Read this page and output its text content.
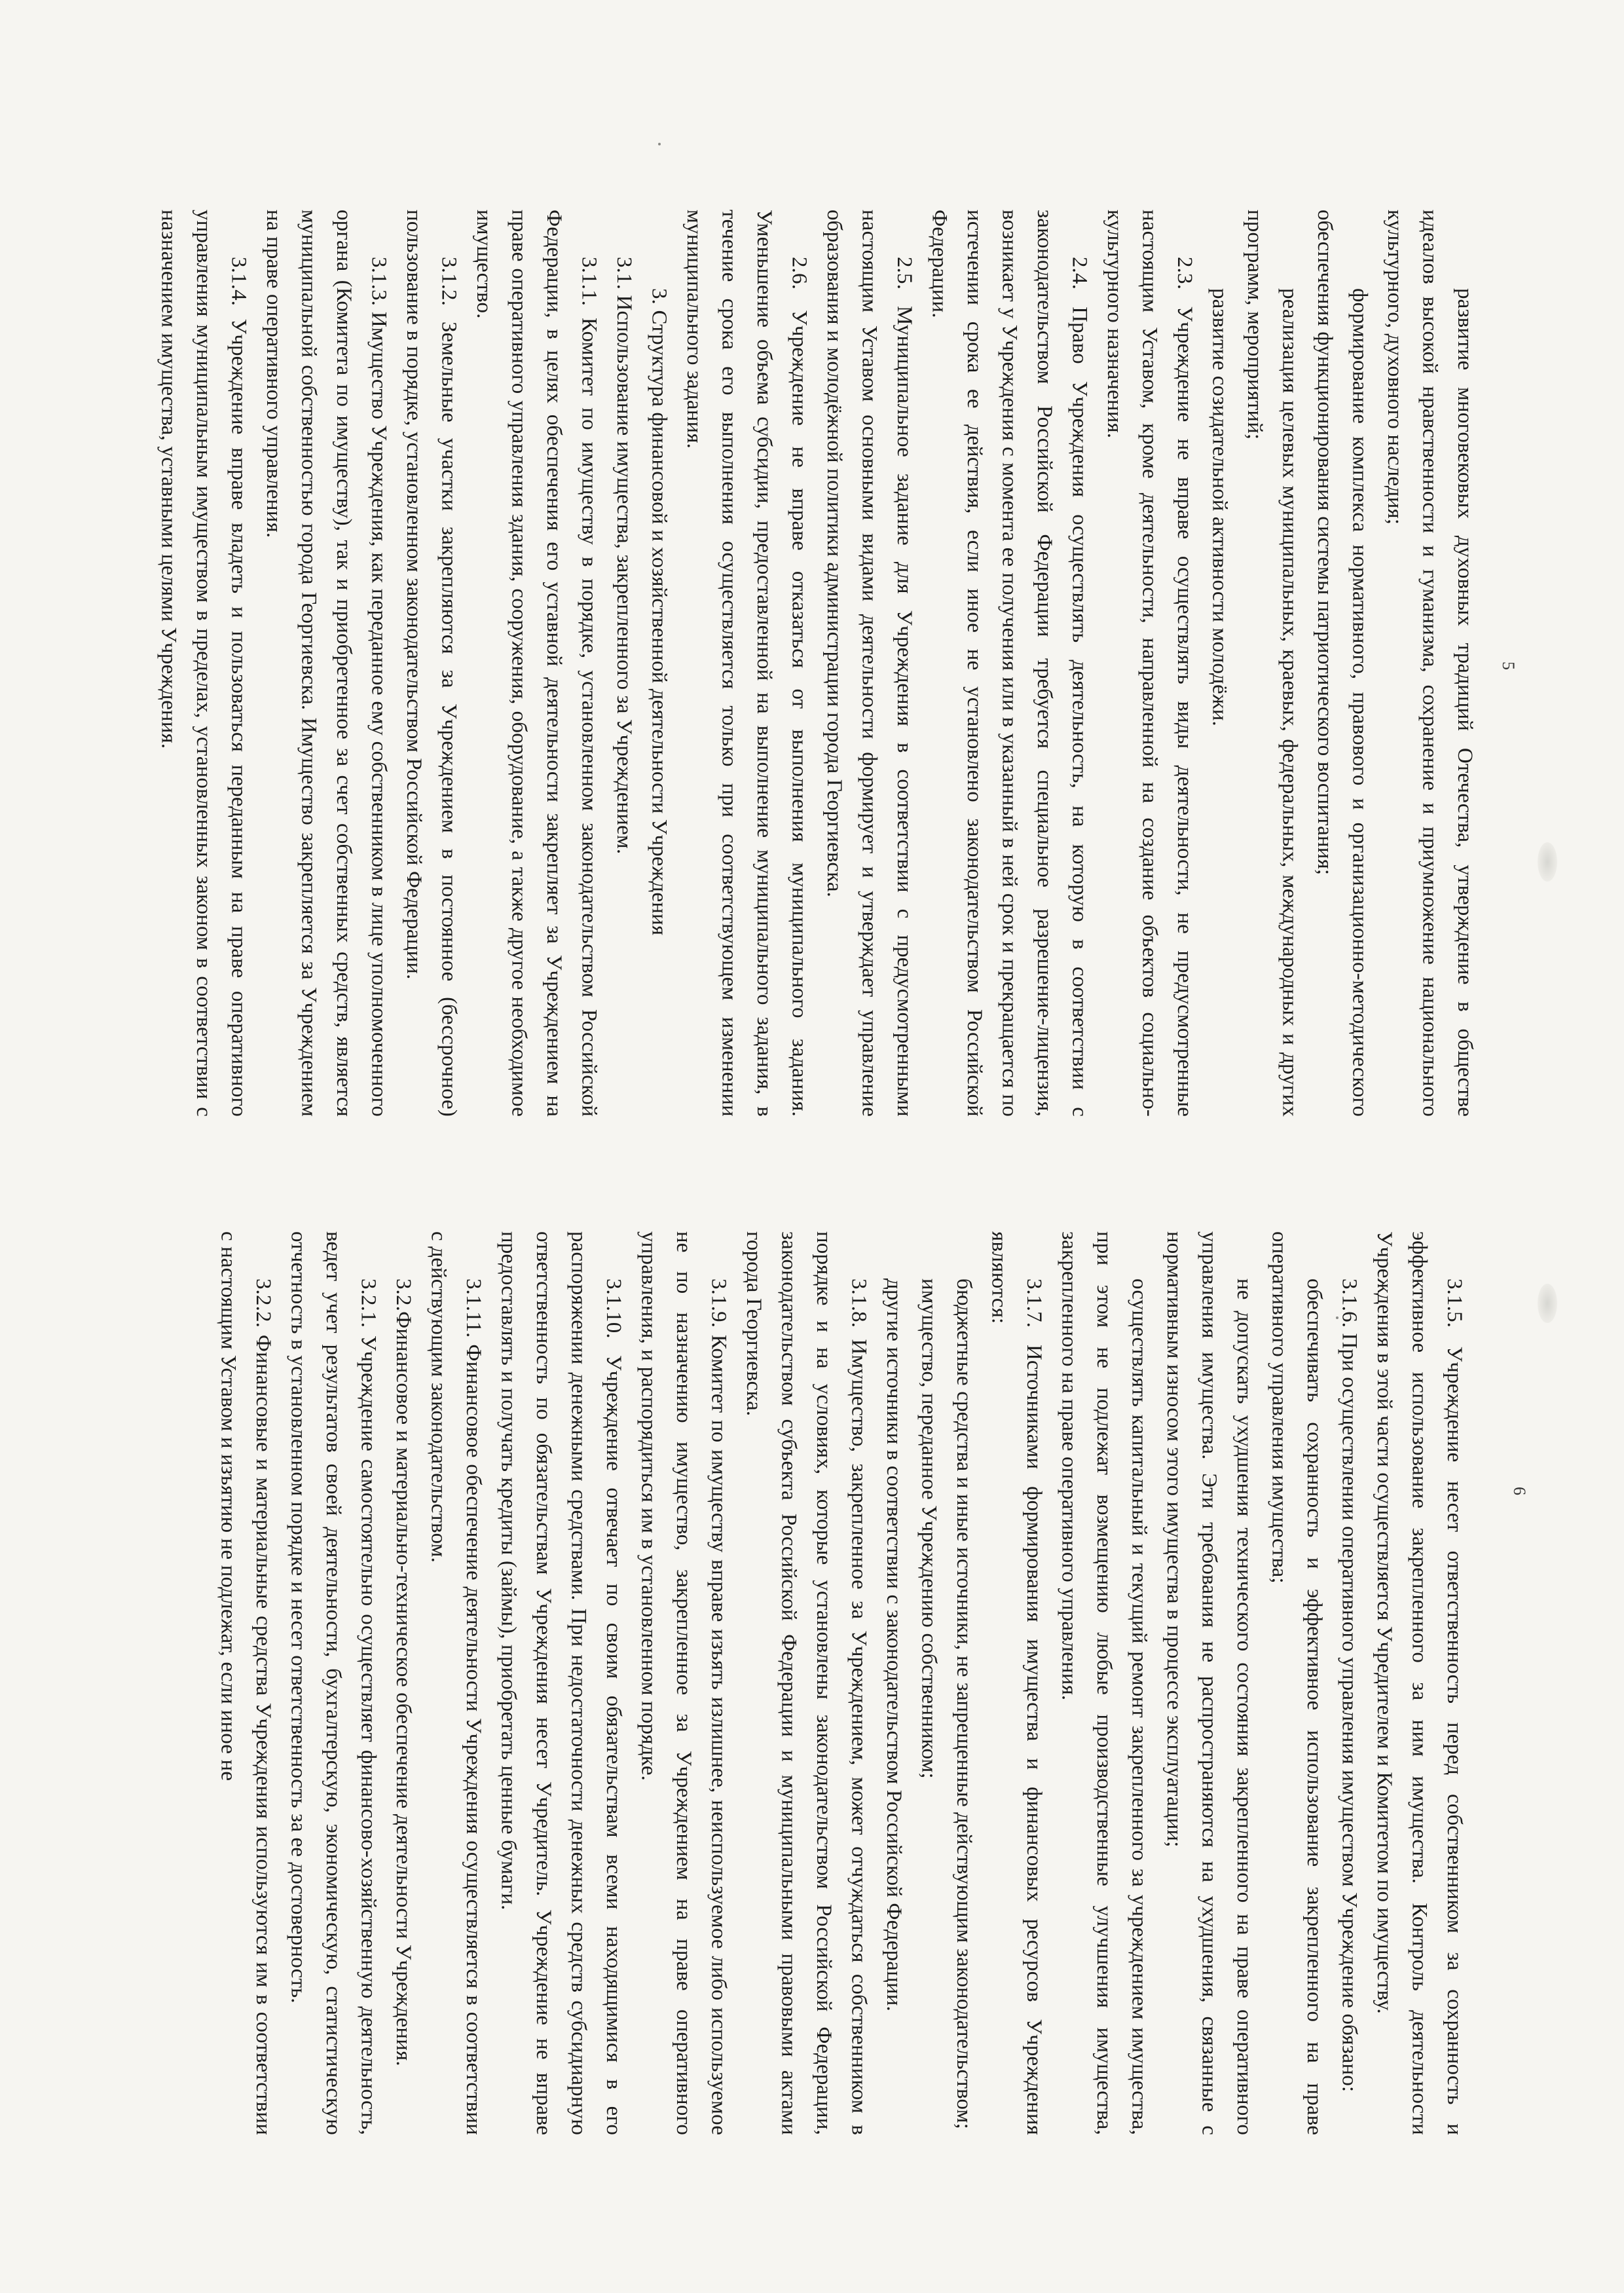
5
6

развитие многовековых духовных традиций Отечества, утверждение в обществе идеалов высокой нравственности и гуманизма, сохранение и приумножение национального культурного, духовного наследия;

формирование комплекса нормативного, правового и организационно-методического обеспечения функционирования системы патриотического воспитания;

реализация целевых муниципальных, краевых, федеральных, международных и других программ, мероприятий;

развитие созидательной активности молодёжи.

2.3. Учреждение не вправе осуществлять виды деятельности, не предусмотренные настоящим Уставом, кроме деятельности, направленной на создание объектов социально-культурного назначения.

2.4. Право Учреждения осуществлять деятельность, на которую в соответствии с законодательством Российской Федерации требуется специальное разрешение-лицензия, возникает у Учреждения с момента ее получения или в указанный в ней срок и прекращается по истечении срока ее действия, если иное не установлено законодательством Российской Федерации.

2.5. Муниципальное задание для Учреждения в соответствии с предусмотренными настоящим Уставом основными видами деятельности формирует и утверждает управление образования и молодёжной политики администрации города Георгиевска.

2.6. Учреждение не вправе отказаться от выполнения муниципального задания. Уменьшение объема субсидии, предоставленной на выполнение муниципального задания, в течение срока его выполнения осуществляется только при соответствующем изменении муниципального задания.

3. Структура финансовой и хозяйственной деятельности Учреждения

3.1. Использование имущества, закрепленного за Учреждением.

3.1.1. Комитет по имуществу в порядке, установленном законодательством Российской Федерации, в целях обеспечения его уставной деятельности закрепляет за Учреждением на праве оперативного управления здания, сооружения, оборудование, а также другое необходимое имущество.

3.1.2. Земельные участки закрепляются за Учреждением в постоянное (бессрочное) пользование в порядке, установленном законодательством Российской Федерации.

3.1.3. Имущество Учреждения, как переданное ему собственником в лице уполномоченного органа (Комитета по имуществу), так и приобретенное за счет собственных средств, является муниципальной собственностью города Георгиевска. Имущество закрепляется за Учреждением на праве оперативного управления.

3.1.4. Учреждение вправе владеть и пользоваться переданным на праве оперативного управления муниципальным имуществом в пределах, установленных законом в соответствии с назначением имущества, уставными целями Учреждения.

3.1.5. Учреждение несет ответственность перед собственником за сохранность и эффективное использование закрепленного за ним имущества. Контроль деятельности Учреждения в этой части осуществляется Учредителем и Комитетом по имуществу.

3.1.6. При осуществлении оперативного управления имуществом Учреждение обязано:

обеспечивать сохранность и эффективное использование закрепленного на праве оперативного управления имущества;

не допускать ухудшения технического состояния закрепленного на праве оперативного управления имущества. Эти требования не распространяются на ухудшения, связанные с нормативным износом этого имущества в процессе эксплуатации;

осуществлять капитальный и текущий ремонт закрепленного за учреждением имущества, при этом не подлежат возмещению любые производственные улучшения имущества, закрепленного на праве оперативного управления.

3.1.7. Источниками формирования имущества и финансовых ресурсов Учреждения являются:

бюджетные средства и иные источники, не запрещенные действующим законодательством;

имущество, переданное Учреждению собственником;

другие источники в соответствии с законодательством Российской Федерации.

3.1.8. Имущество, закрепленное за Учреждением, может отчуждаться собственником в порядке и на условиях, которые установлены законодательством Российской Федерации, законодательством субъекта Российской Федерации и муниципальными правовыми актами города Георгиевска.

3.1.9. Комитет по имуществу вправе изъять излишнее, неиспользуемое либо используемое не по назначению имущество, закрепленное за Учреждением на праве оперативного управления, и распорядиться им в установленном порядке.

3.1.10. Учреждение отвечает по своим обязательствам всеми находящимися в его распоряжении денежными средствами. При недостаточности денежных средств субсидиарную ответственность по обязательствам Учреждения несет Учредитель. Учреждение не вправе предоставлять и получать кредиты (займы), приобретать ценные бумаги.

3.1.11. Финансовое обеспечение деятельности Учреждения осуществляется в соответствии с действующим законодательством.

3.2.Финансовое и материально-техническое обеспечение деятельности Учреждения.

3.2.1. Учреждение самостоятельно осуществляет финансово-хозяйственную деятельность, ведет учет результатов своей деятельности, бухгалтерскую, экономическую, статистическую отчетность в установленном порядке и несет ответственность за ее достоверность.

3.2.2. Финансовые и материальные средства Учреждения используются им в соответствии с настоящим Уставом и изъятию не подлежат, если иное не
